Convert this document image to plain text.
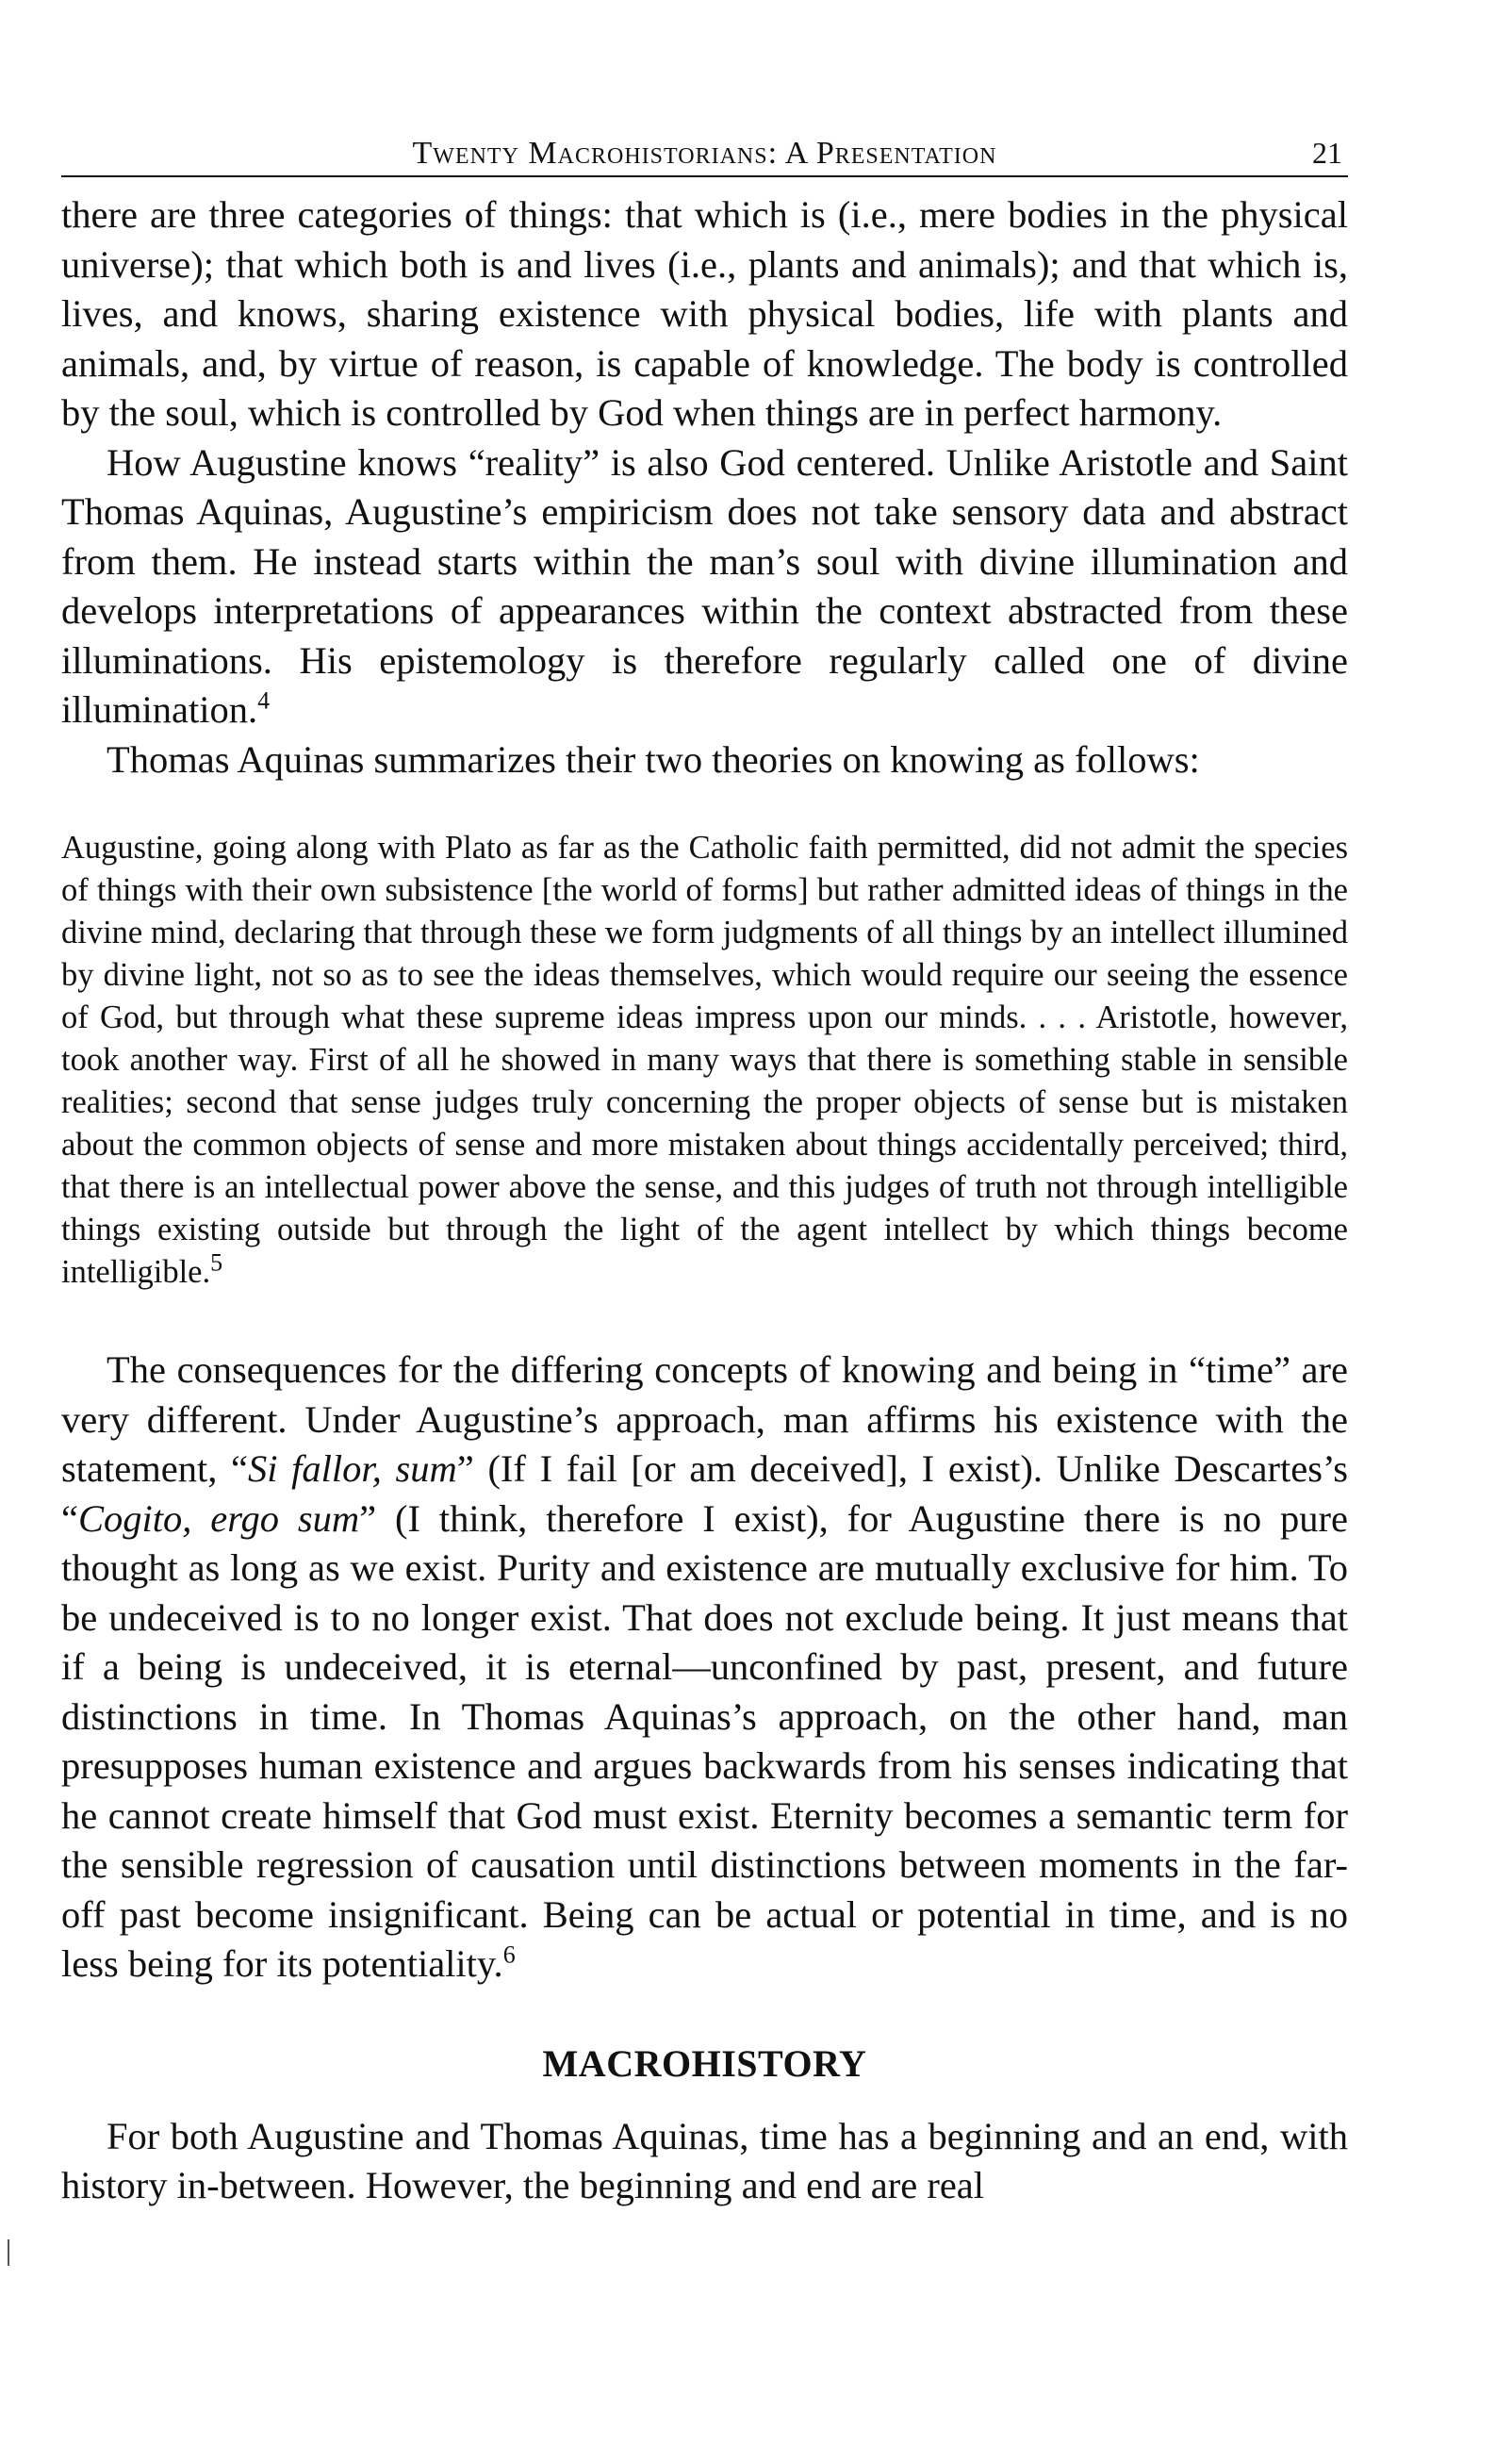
Twenty Macrohistorians: A Presentation	21

there are three categories of things: that which is (i.e., mere bodies in the physical universe); that which both is and lives (i.e., plants and animals); and that which is, lives, and knows, sharing existence with physical bodies, life with plants and animals, and, by virtue of reason, is capable of knowledge. The body is controlled by the soul, which is controlled by God when things are in perfect harmony.

How Augustine knows “reality” is also God centered. Unlike Aristotle and Saint Thomas Aquinas, Augustine’s empiricism does not take sensory data and abstract from them. He instead starts within the man’s soul with divine illumination and develops interpretations of appearances within the context abstracted from these illuminations. His epistemology is therefore regularly called one of divine illumination.$^4$

Thomas Aquinas summarizes their two theories on knowing as follows:

Augustine, going along with Plato as far as the Catholic faith permitted, did not admit the species of things with their own subsistence [the world of forms] but rather admitted ideas of things in the divine mind, declaring that through these we form judgments of all things by an intellect illumined by divine light, not so as to see the ideas themselves, which would require our seeing the essence of God, but through what these supreme ideas impress upon our minds. . . . Aristotle, however, took another way. First of all he showed in many ways that there is something stable in sensible realities; second that sense judges truly concerning the proper objects of sense but is mistaken about the common objects of sense and more mistaken about things accidentally perceived; third, that there is an intellectual power above the sense, and this judges of truth not through intelligible things existing outside but through the light of the agent intellect by which things become intelligible.$^5$

The consequences for the differing concepts of knowing and being in “time” are very different. Under Augustine’s approach, man affirms his existence with the statement, “Si fallor, sum” (If I fail [or am deceived], I exist). Unlike Descartes’s “Cogito, ergo sum” (I think, therefore I exist), for Augustine there is no pure thought as long as we exist. Purity and existence are mutually exclusive for him. To be undeceived is to no longer exist. That does not exclude being. It just means that if a being is undeceived, it is eternal—unconfined by past, present, and future distinctions in time. In Thomas Aquinas’s approach, on the other hand, man presupposes human existence and argues backwards from his senses indicating that he cannot create himself that God must exist. Eternity becomes a semantic term for the sensible regression of causation until distinctions between moments in the far-off past become insignificant. Being can be actual or potential in time, and is no less being for its potentiality.$^6$

MACROHISTORY

For both Augustine and Thomas Aquinas, time has a beginning and an end, with history in-between. However, the beginning and end are real
